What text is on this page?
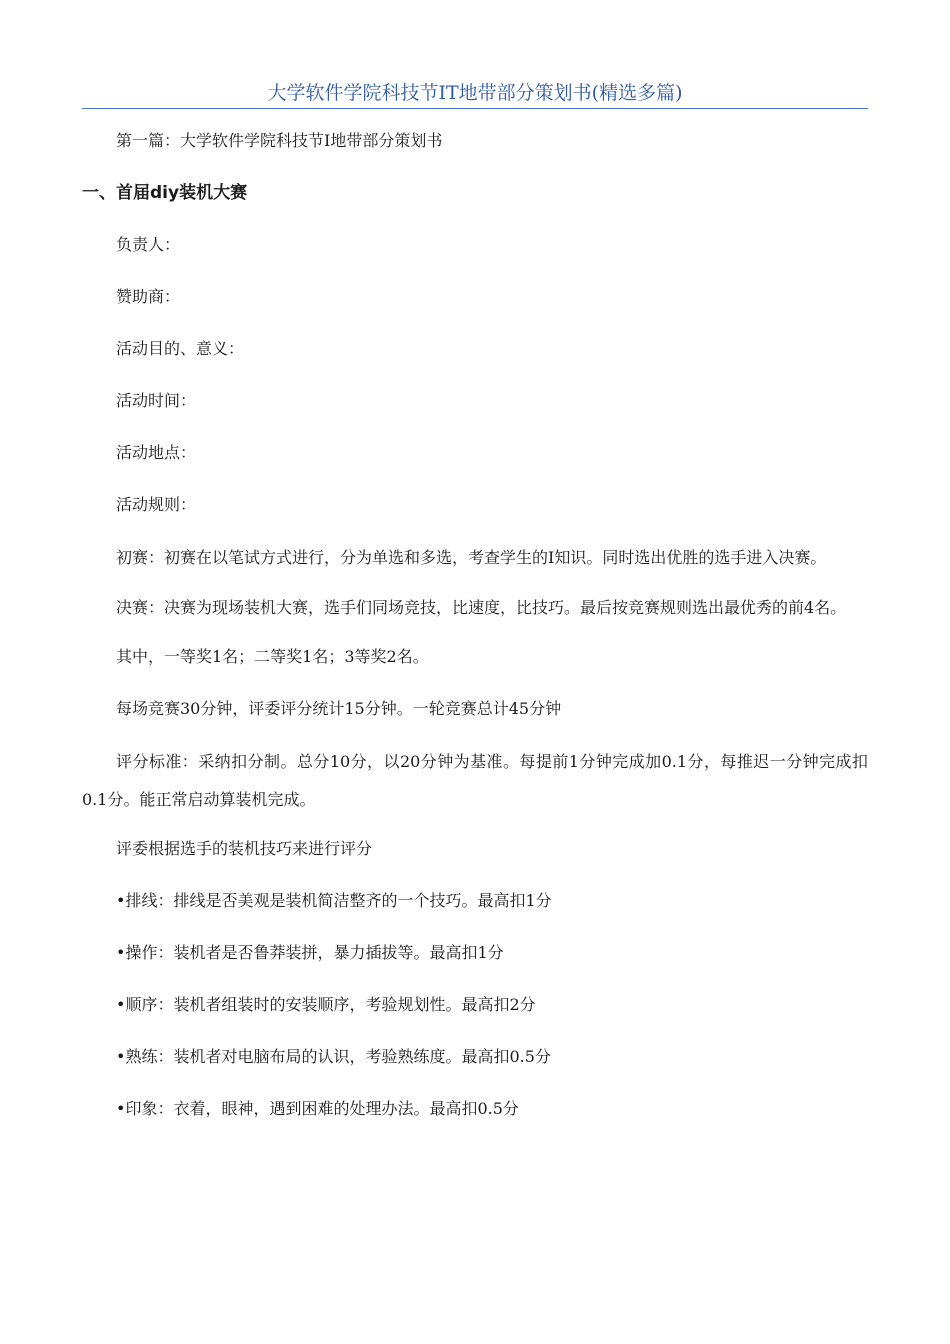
大学软件学院科技节IT地带部分策划书(精选多篇)

第一篇：大学软件学院科技节I地带部分策划书

一、首届diy装机大赛

负责人：

赞助商：

活动目的、意义：

活动时间：

活动地点：

活动规则：

初赛：初赛在以笔试方式进行，分为单选和多选，考查学生的I知识。同时选出优胜的选手进入决赛。

决赛：决赛为现场装机大赛，选手们同场竞技，比速度，比技巧。最后按竞赛规则选出最优秀的前4名。

其中，一等奖1名；二等奖1名；3等奖2名。

每场竞赛30分钟，评委评分统计15分钟。一轮竞赛总计45分钟

评分标准：采纳扣分制。总分10分，以20分钟为基准。每提前1分钟完成加0.1分，每推迟一分钟完成扣0.1分。能正常启动算装机完成。

评委根据选手的装机技巧来进行评分

•排线：排线是否美观是装机简洁整齐的一个技巧。最高扣1分

•操作：装机者是否鲁莽装拼，暴力插拔等。最高扣1分

•顺序：装机者组装时的安装顺序，考验规划性。最高扣2分

•熟练：装机者对电脑布局的认识，考验熟练度。最高扣0.5分

•印象：衣着，眼神，遇到困难的处理办法。最高扣0.5分
